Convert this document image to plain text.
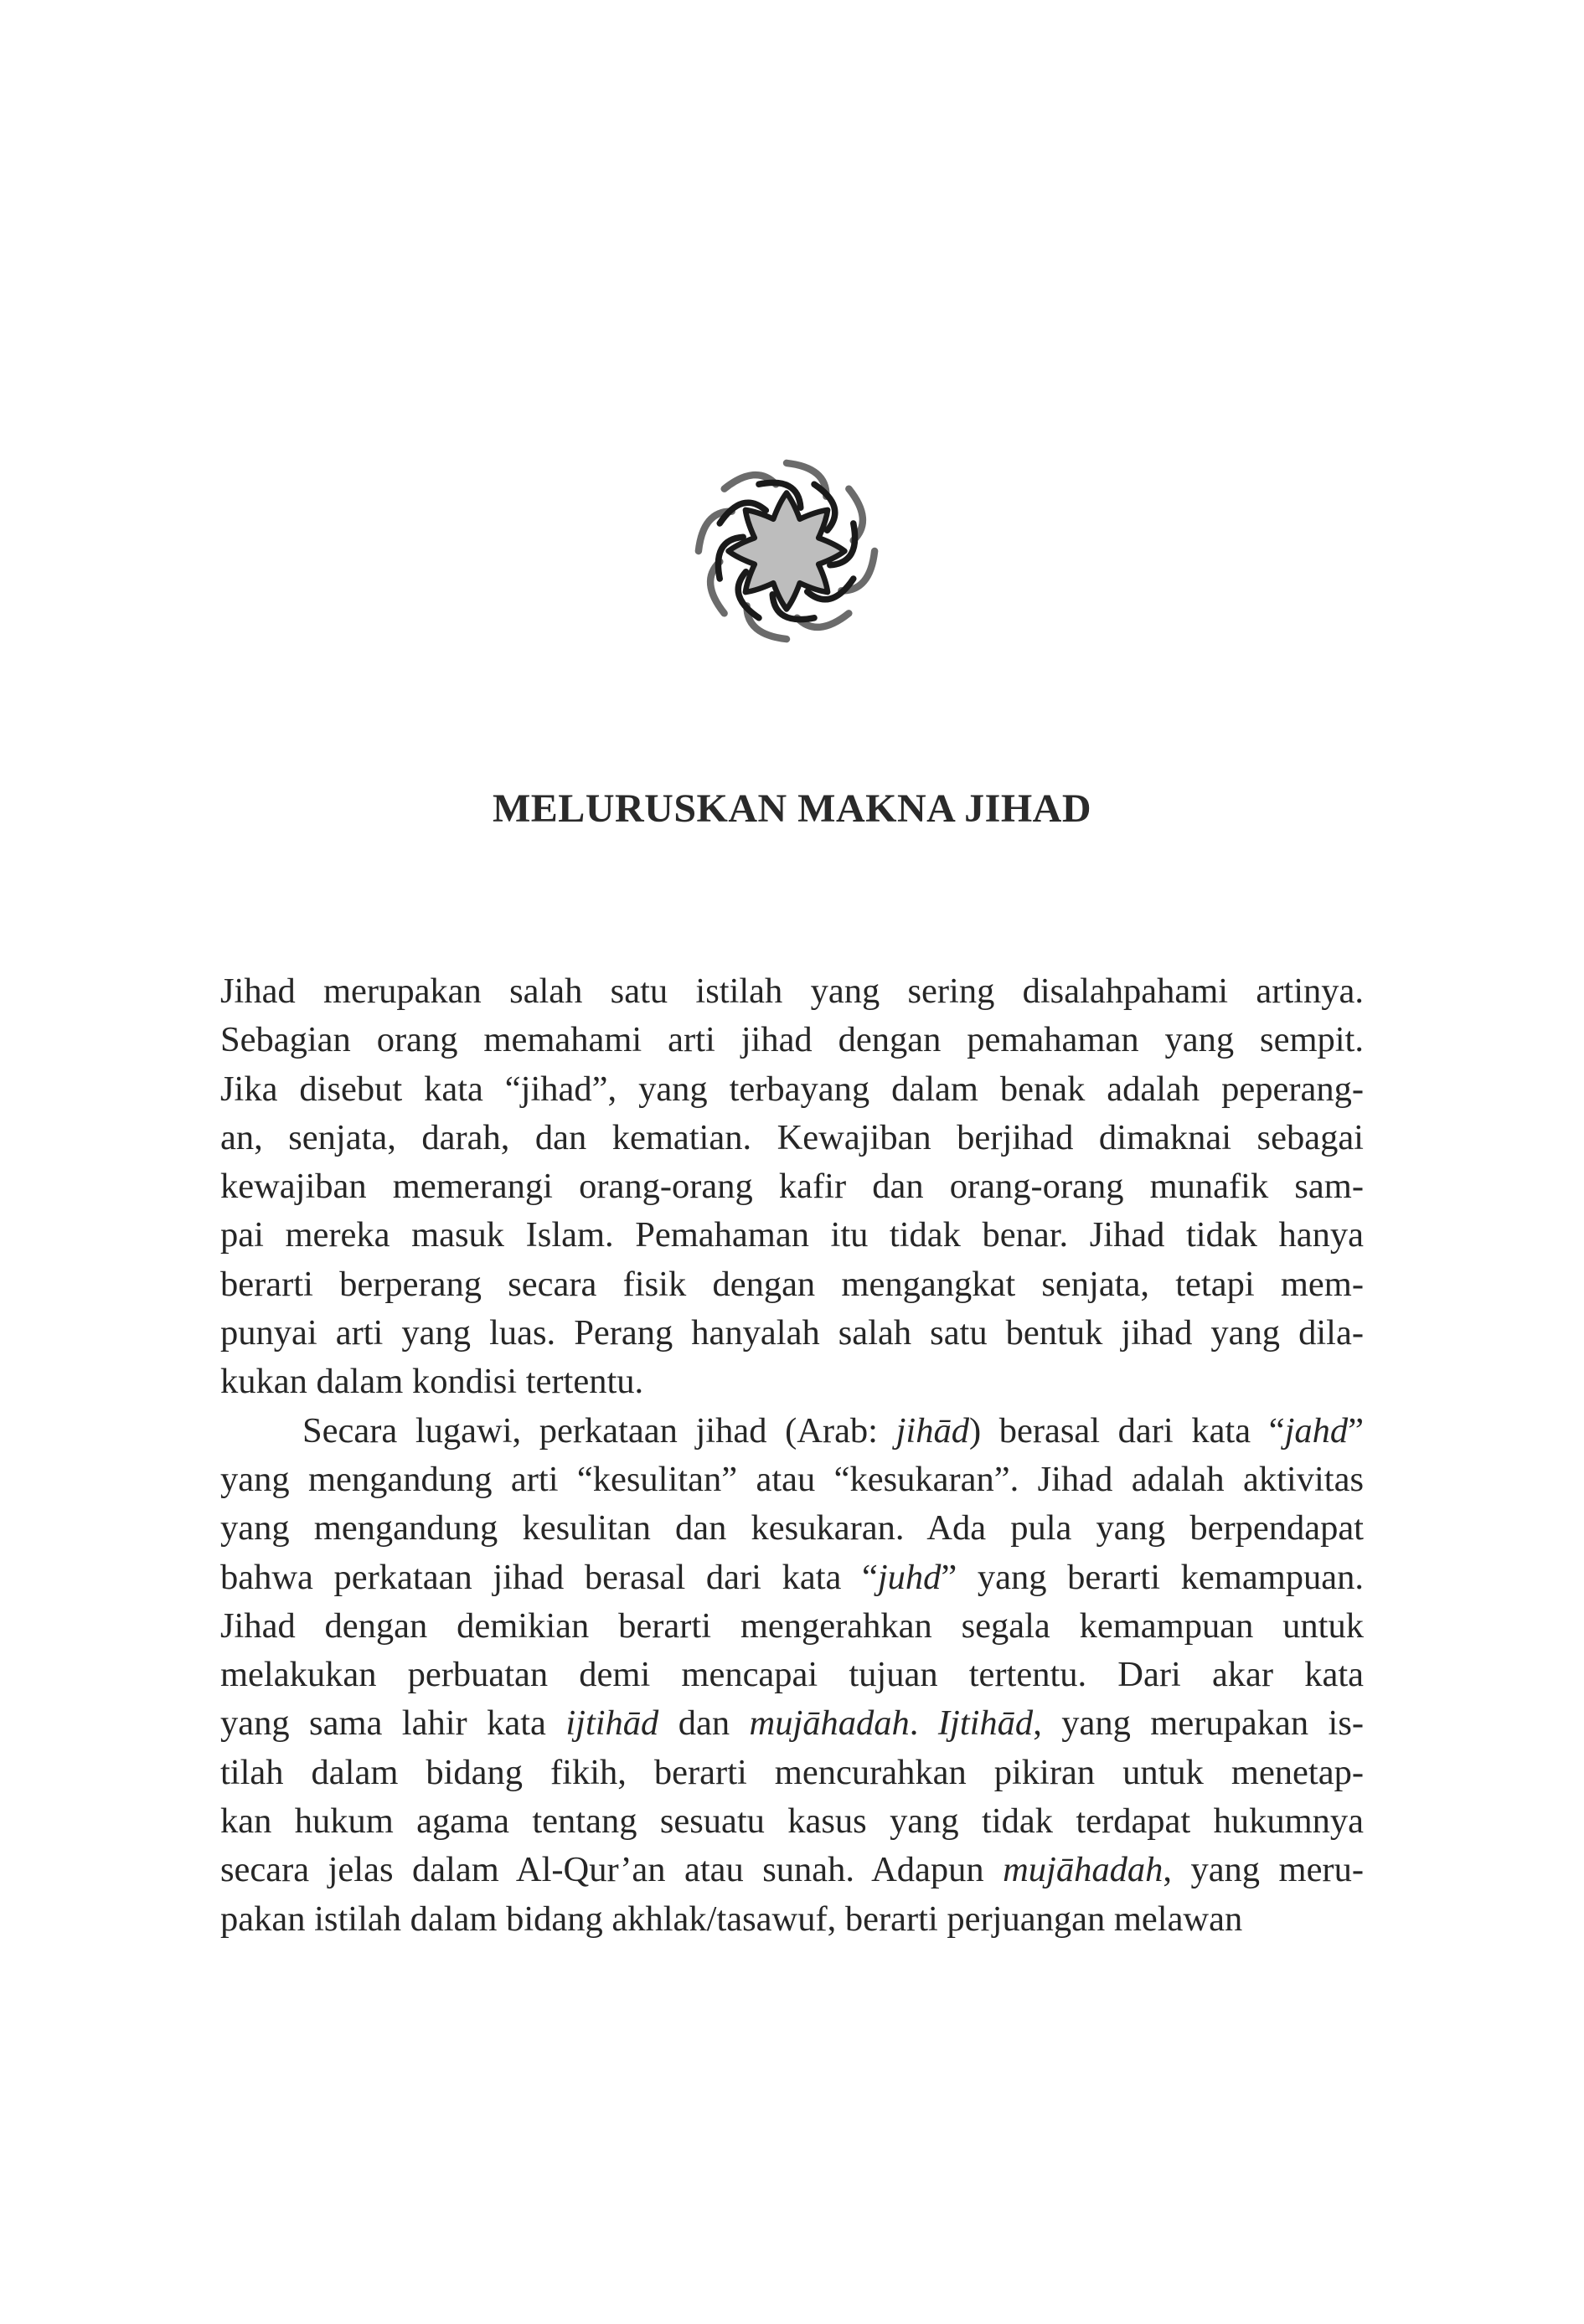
MELURUSKAN MAKNA JIHAD
Jihad merupakan salah satu istilah yang sering disalahpahami artinya.
Sebagian orang memahami arti jihad dengan pemahaman yang sempit.
Jika disebut kata “jihad”, yang terbayang dalam benak adalah peperang-
an, senjata, darah, dan kematian. Kewajiban berjihad dimaknai sebagai
kewajiban memerangi orang-orang kafir dan orang-orang munafik sam-
pai mereka masuk Islam. Pemahaman itu tidak benar. Jihad tidak hanya
berarti berperang secara fisik dengan mengangkat senjata, tetapi mem-
punyai arti yang luas. Perang hanyalah salah satu bentuk jihad yang dila-
kukan dalam kondisi tertentu.
Secara lugawi, perkataan jihad (Arab: jihād) berasal dari kata “jahd”
yang mengandung arti “kesulitan” atau “kesukaran”. Jihad adalah aktivitas
yang mengandung kesulitan dan kesukaran. Ada pula yang berpendapat
bahwa perkataan jihad berasal dari kata “juhd” yang berarti kemampuan.
Jihad dengan demikian berarti mengerahkan segala kemampuan untuk
melakukan perbuatan demi mencapai tujuan tertentu. Dari akar kata
yang sama lahir kata ijtihād dan mujāhadah. Ijtihād, yang merupakan is-
tilah dalam bidang fikih, berarti mencurahkan pikiran untuk menetap-
kan hukum agama tentang sesuatu kasus yang tidak terdapat hukumnya
secara jelas dalam Al-Qur’an atau sunah. Adapun mujāhadah, yang meru-
pakan istilah dalam bidang akhlak/tasawuf, berarti perjuangan melawan
